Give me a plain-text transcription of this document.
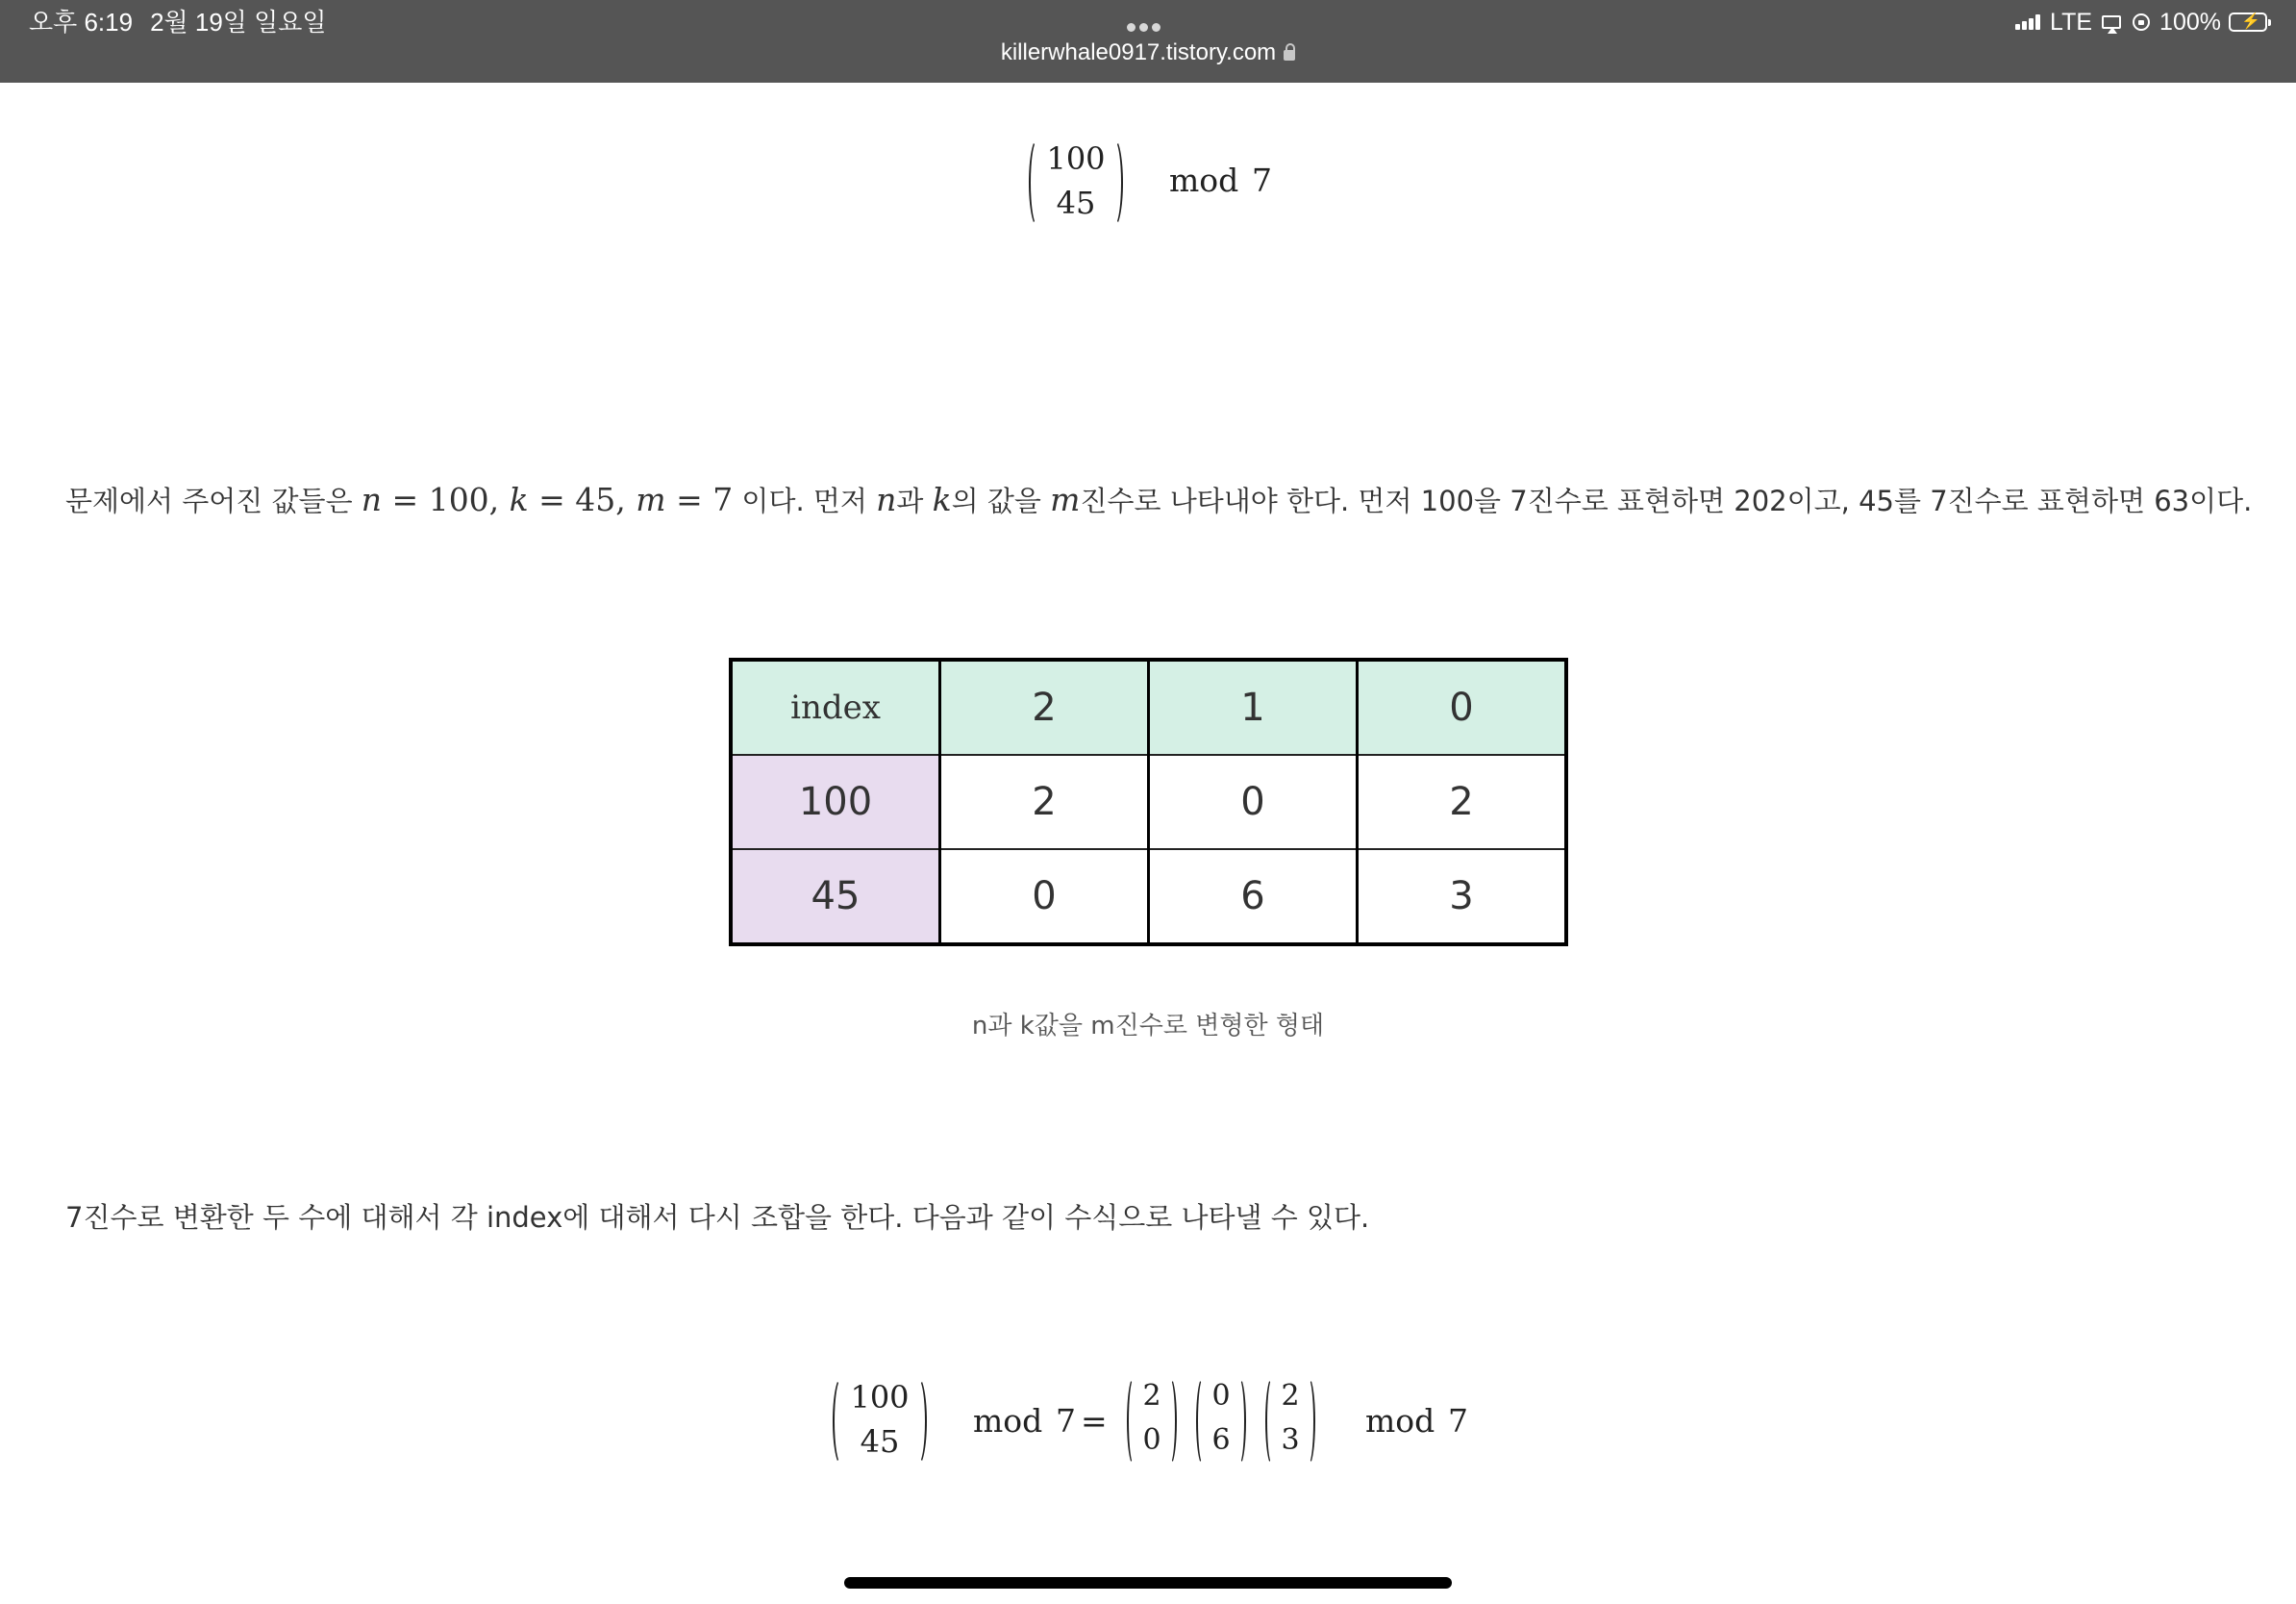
오후 6:19 2월 19일 일요일
killerwhale0917.tistory.com
LTE	100% ⚡
100
45
mod 7
문제에서 주어진 값들은 n = 100, k = 45, m = 7 이다. 먼저 n과 k의 값을 m진수로 나타내야 한다. 먼저 100을 7진수로 표현하면 202이고, 45를 7진수로 표현하면 63이다.
index	2	1	0
100	2	0	2
45	0	6	3
n과 k값을 m진수로 변형한 형태
7진수로 변환한 두 수에 대해서 각 index에 대해서 다시 조합을 한다. 다음과 같이 수식으로 나타낼 수 있다.
100
45
mod 7 =
2
0
0
6
2
3
mod 7
